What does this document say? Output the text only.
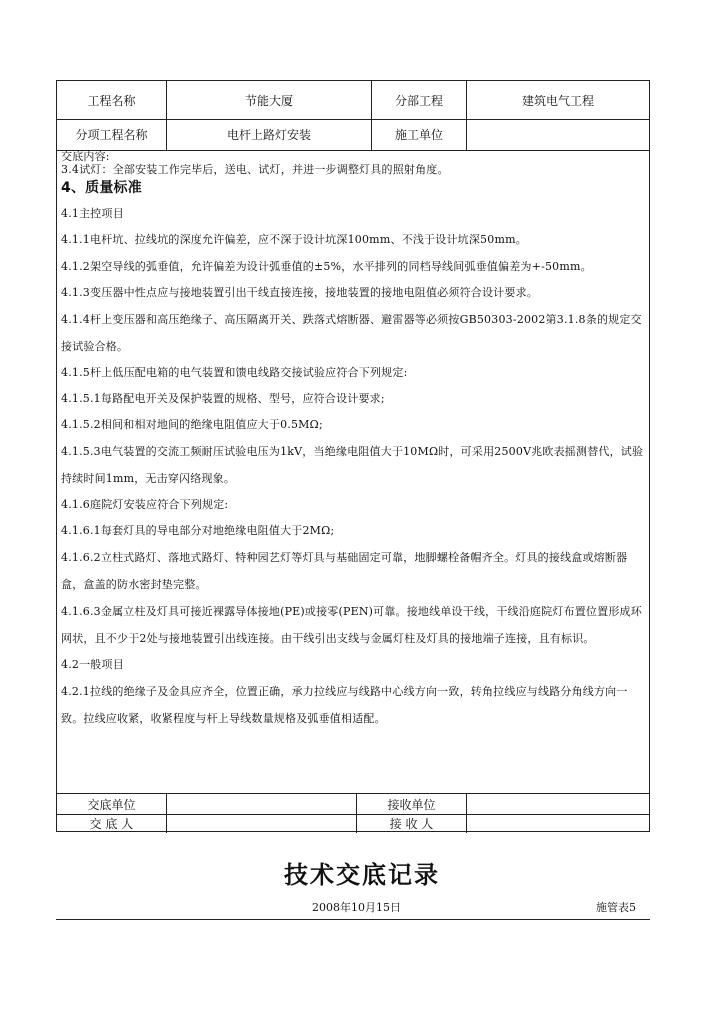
工程名称	节能大厦	分部工程	建筑电气工程
分项工程名称	电杆上路灯安装	施工单位

交底内容:

3.4试灯：全部安装工作完毕后，送电、试灯，并进一步调整灯具的照射角度。

4、质量标准

4.1主控项目

4.1.1电杆坑、拉线坑的深度允许偏差，应不深于设计坑深100mm、不浅于设计坑深50mm。

4.1.2架空导线的弧垂值，允许偏差为设计弧垂值的±5%，水平排列的同档导线间弧垂值偏差为+-50mm。

4.1.3变压器中性点应与接地装置引出干线直接连接，接地装置的接地电阻值必须符合设计要求。

4.1.4杆上变压器和高压绝缘子、高压隔离开关、跌落式熔断器、避雷器等必须按GB50303-2002第3.1.8条的规定交接试验合格。

4.1.5杆上低压配电箱的电气装置和馈电线路交接试验应符合下列规定:

4.1.5.1每路配电开关及保护装置的规格、型号，应符合设计要求;

4.1.5.2相间和相对地间的绝缘电阻值应大于0.5MΩ;

4.1.5.3电气装置的交流工频耐压试验电压为1kV，当绝缘电阻值大于10MΩ时，可采用2500V兆欧表摇测替代，试验持续时间1mm，无击穿闪络现象。

4.1.6庭院灯安装应符合下列规定:

4.1.6.1每套灯具的导电部分对地绝缘电阻值大于2MΩ;

4.1.6.2立柱式路灯、落地式路灯、特种园艺灯等灯具与基础固定可靠，地脚螺栓备帽齐全。灯具的接线盒或熔断器盒，盒盖的防水密封垫完整。

4.1.6.3金属立柱及灯具可接近裸露导体接地(PE)或接零(PEN)可靠。接地线单设干线，干线沿庭院灯布置位置形成环网状，且不少于2处与接地装置引出线连接。由干线引出支线与金属灯柱及灯具的接地端子连接，且有标识。

4.2一般项目

4.2.1拉线的绝缘子及金具应齐全，位置正确，承力拉线应与线路中心线方向一致，转角拉线应与线路分角线方向一致。拉线应收紧，收紧程度与杆上导线数量规格及弧垂值相适配。

交底单位	接收单位
交 底 人	接 收 人
技术交底记录
2008年10月15日	施管表5
